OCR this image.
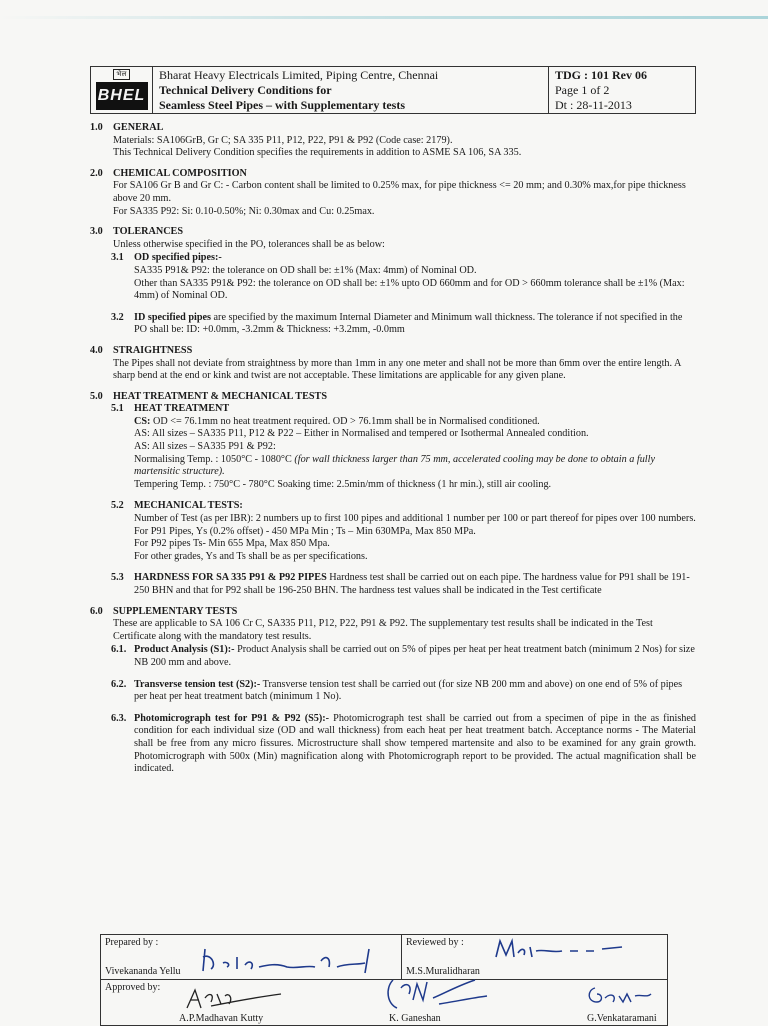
भेल
BHEL
Bharat Heavy Electricals Limited, Piping Centre, Chennai
Technical Delivery Conditions for
Seamless Steel Pipes – with Supplementary tests
TDG : 101 Rev 06
Page 1 of 2
Dt : 28-11-2013
1.0	GENERAL
Materials: SA106GrB, Gr C; SA 335 P11, P12, P22, P91 & P92 (Code case: 2179).
This Technical Delivery Condition specifies the requirements in addition to ASME SA 106, SA 335.
2.0	CHEMICAL COMPOSITION
For SA106 Gr B and Gr C: - Carbon content shall be limited to 0.25% max, for pipe thickness <= 20 mm; and 0.30% max,for pipe thickness above 20 mm.
For SA335 P92: Si: 0.10-0.50%; Ni: 0.30max and Cu: 0.25max.
3.0	TOLERANCES
Unless otherwise specified in the PO, tolerances shall be as below:
3.1	OD specified pipes:-
SA335 P91& P92: the tolerance on OD shall be: ±1% (Max: 4mm) of Nominal OD.
Other than SA335 P91& P92: the tolerance on OD shall be: ±1% upto OD 660mm and for OD > 660mm tolerance shall be ±1% (Max: 4mm) of Nominal OD.
3.2	ID specified pipes are specified by the maximum Internal Diameter and Minimum wall thickness. The tolerance if not specified in the PO shall be: ID: +0.0mm, -3.2mm & Thickness: +3.2mm, -0.0mm
4.0	STRAIGHTNESS
The Pipes shall not deviate from straightness by more than 1mm in any one meter and shall not be more than 6mm over the entire length. A sharp bend at the end or kink and twist are not acceptable. These limitations are applicable for any given plane.
5.0	HEAT TREATMENT & MECHANICAL TESTS
5.1	HEAT TREATMENT
CS: OD <= 76.1mm no heat treatment required. OD > 76.1mm shall be in Normalised conditioned.
AS: All sizes – SA335 P11, P12 & P22 – Either in Normalised and tempered or Isothermal Annealed condition.
AS: All sizes – SA335 P91 & P92:
Normalising Temp. : 1050°C - 1080°C (for wall thickness larger than 75 mm, accelerated cooling may be done to obtain a fully martensitic structure).
Tempering Temp. : 750°C - 780°C Soaking time: 2.5min/mm of thickness (1 hr min.), still air cooling.
5.2	MECHANICAL TESTS:
Number of Test (as per IBR): 2 numbers up to first 100 pipes and additional 1 number per 100 or part thereof for pipes over 100 numbers.
For P91 Pipes, Ys (0.2% offset) - 450 MPa Min ; Ts – Min 630MPa, Max 850 MPa.
For P92 pipes Ts- Min 655 Mpa, Max 850 Mpa.
For other grades, Ys and Ts shall be as per specifications.
5.3	HARDNESS FOR SA 335 P91 & P92 PIPES Hardness test shall be carried out on each pipe. The hardness value for P91 shall be 191-250 BHN and that for P92 shall be 196-250 BHN. The hardness test values shall be indicated in the Test certificate
6.0	SUPPLEMENTARY TESTS
These are applicable to SA 106 Cr C, SA335 P11, P12, P22, P91 & P92. The supplementary test results shall be indicated in the Test Certificate along with the mandatory test results.
6.1. Product Analysis (S1):- Product Analysis shall be carried out on 5% of pipes per heat per heat treatment batch (minimum 2 Nos) for size NB 200 mm and above.
6.2. Transverse tension test (S2):- Transverse tension test shall be carried out (for size NB 200 mm and above) on one end of 5% of pipes per heat per heat treatment batch (minimum 1 No).
6.3. Photomicrograph test for P91 & P92 (S5):- Photomicrograph test shall be carried out from a specimen of pipe in the as finished condition for each individual size (OD and wall thickness) from each heat per heat treatment batch. Acceptance norms - The Material shall be free from any micro fissures. Microstructure shall show tempered martensite and also to be examined for any grain growth. Photomicrograph with 500x (Min) magnification along with Photomicrograph report to be provided. The actual magnification shall be indicated.
Prepared by :
Vivekananda Yellu
Reviewed by :
M.S.Muralidharan
Approved by:
A.P.Madhavan Kutty	K. Ganeshan	G.Venkataramani
